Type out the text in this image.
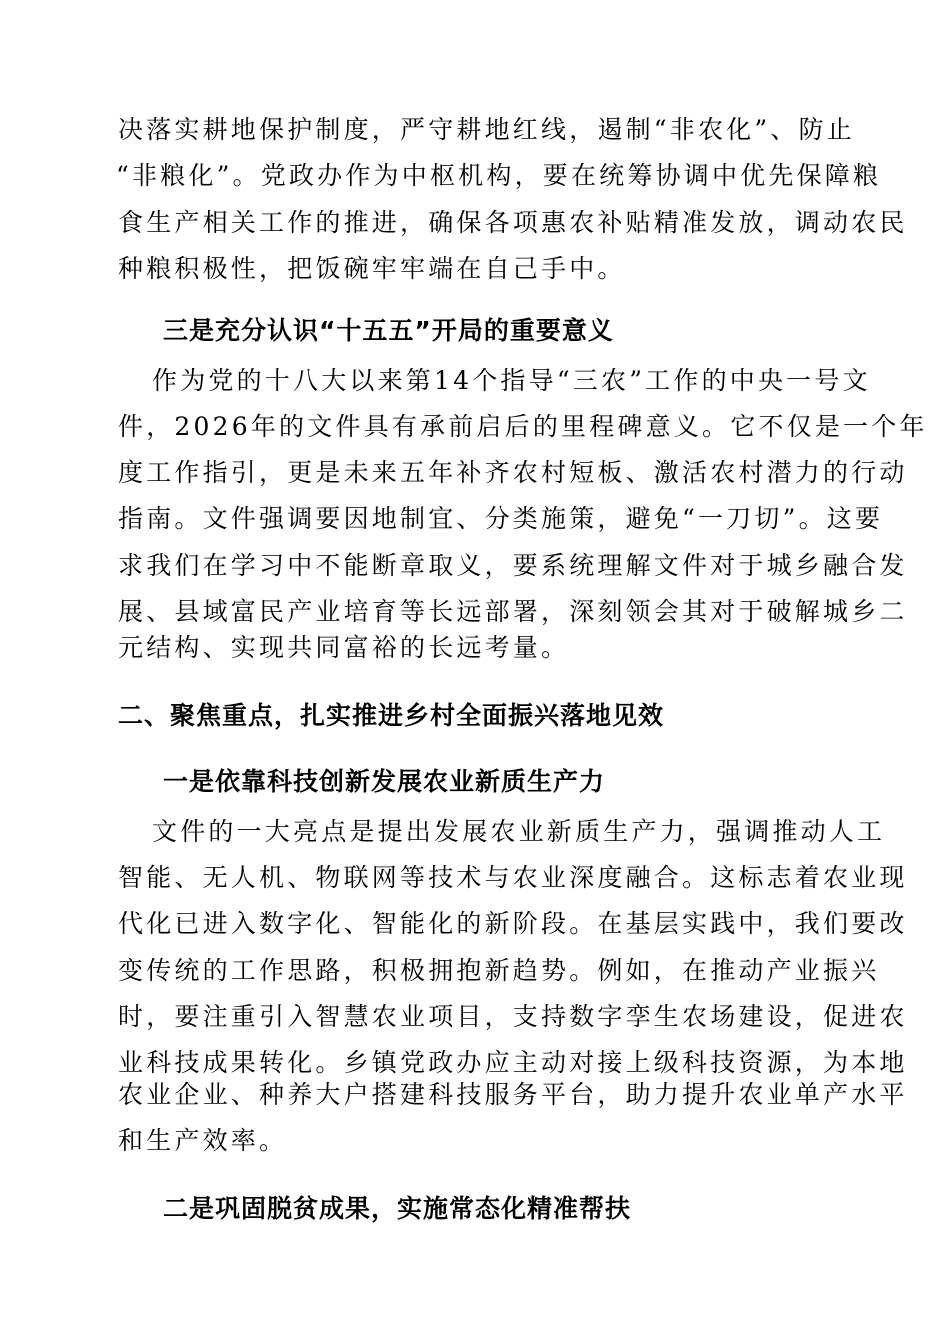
决落实耕地保护制度，严守耕地红线，遏制“非农化”、防止
“非粮化”。党政办作为中枢机构，要在统筹协调中优先保障粮
食生产相关工作的推进，确保各项惠农补贴精准发放，调动农民
种粮积极性，把饭碗牢牢端在自己手中。
三是充分认识“十五五”开局的重要意义
作为党的十八大以来第14个指导“三农”工作的中央一号文
件，2026年的文件具有承前启后的里程碑意义。它不仅是一个年
度工作指引，更是未来五年补齐农村短板、激活农村潜力的行动
指南。文件强调要因地制宜、分类施策，避免“一刀切”。这要
求我们在学习中不能断章取义，要系统理解文件对于城乡融合发
展、县域富民产业培育等长远部署，深刻领会其对于破解城乡二
元结构、实现共同富裕的长远考量。
二、聚焦重点，扎实推进乡村全面振兴落地见效
一是依靠科技创新发展农业新质生产力
文件的一大亮点是提出发展农业新质生产力，强调推动人工
智能、无人机、物联网等技术与农业深度融合。这标志着农业现
代化已进入数字化、智能化的新阶段。在基层实践中，我们要改
变传统的工作思路，积极拥抱新趋势。例如，在推动产业振兴
时，要注重引入智慧农业项目，支持数字孪生农场建设，促进农
业科技成果转化。乡镇党政办应主动对接上级科技资源，为本地
农业企业、种养大户搭建科技服务平台，助力提升农业单产水平
和生产效率。
二是巩固脱贫成果，实施常态化精准帮扶
